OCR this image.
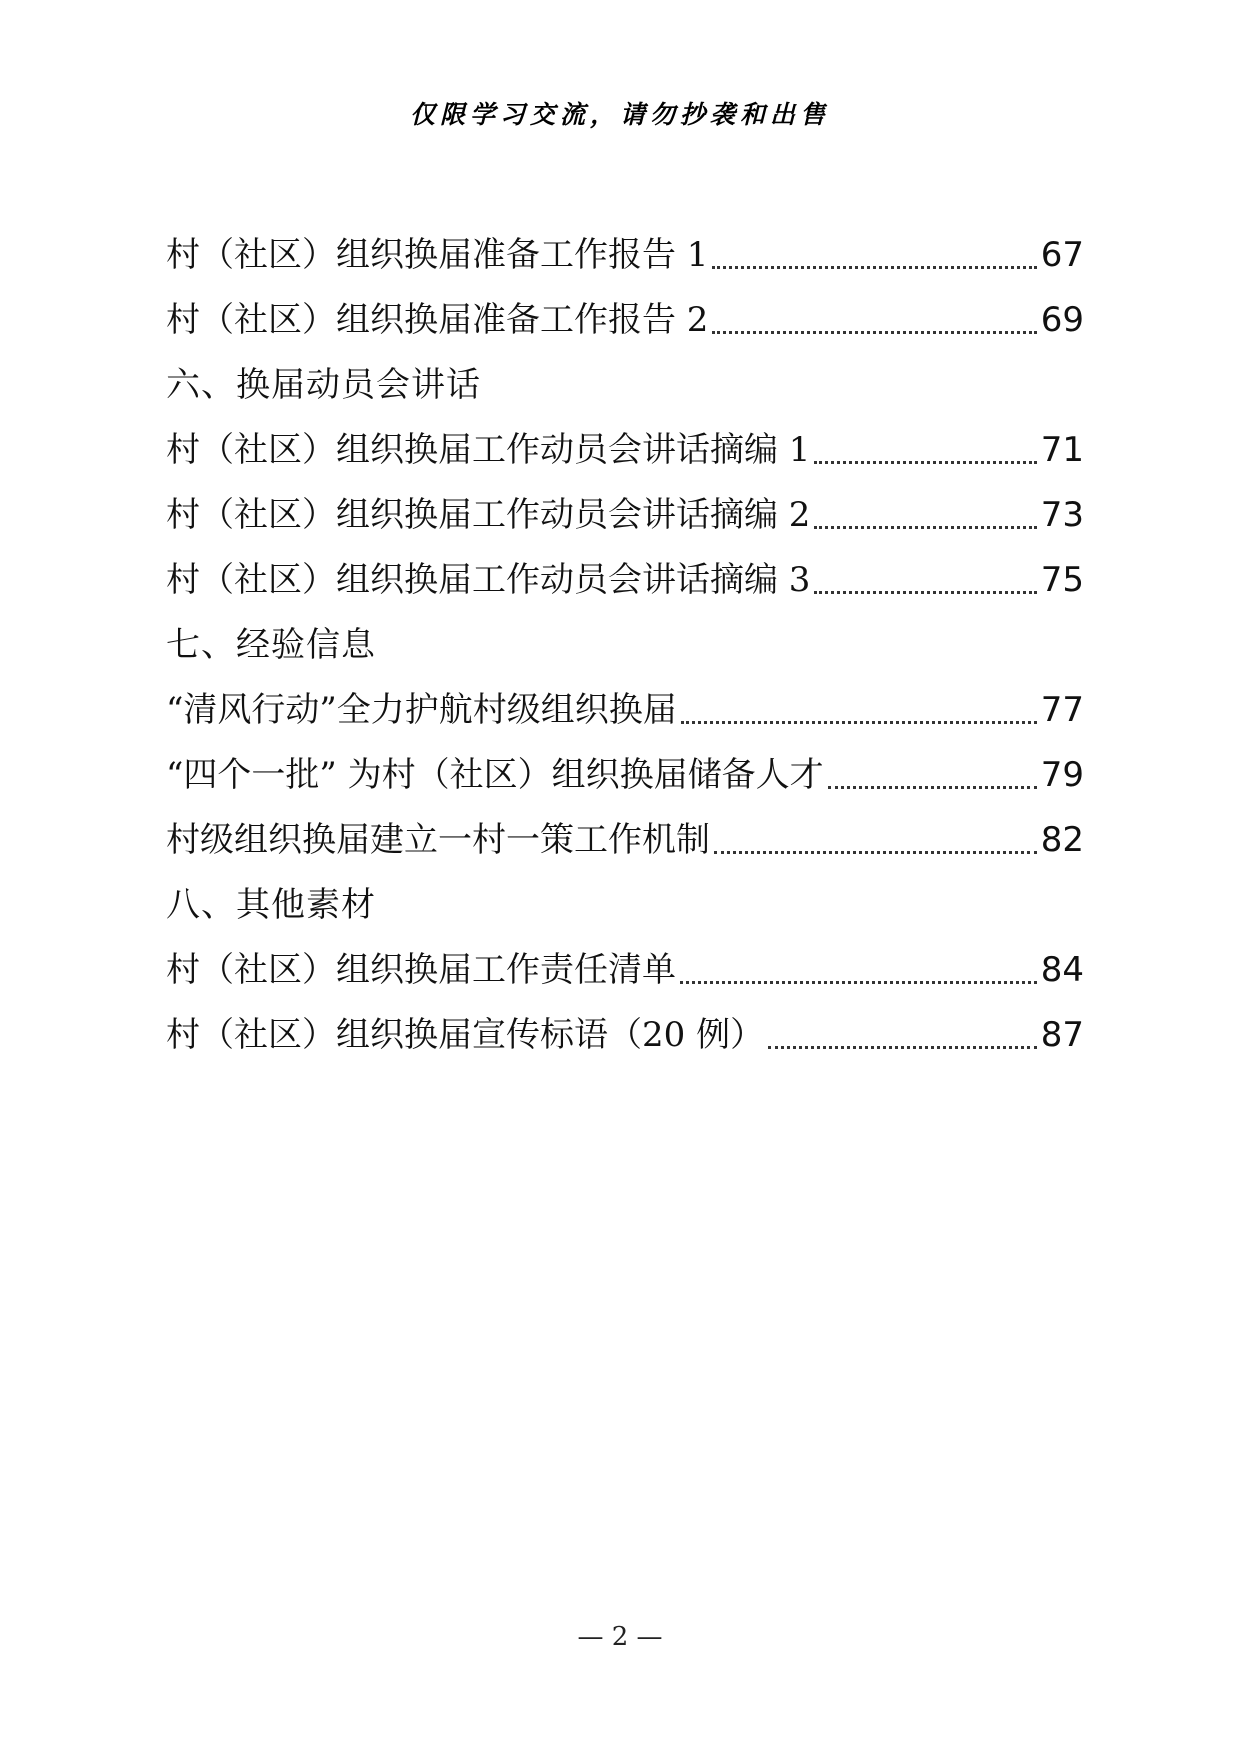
仅限学习交流，请勿抄袭和出售
村（社区）组织换届准备工作报告 1	67
村（社区）组织换届准备工作报告 2	69
六、换届动员会讲话
村（社区）组织换届工作动员会讲话摘编 1	71
村（社区）组织换届工作动员会讲话摘编 2	73
村（社区）组织换届工作动员会讲话摘编 3	75
七、经验信息
“清风行动”全力护航村级组织换届	77
“四个一批” 为村（社区）组织换届储备人才	79
村级组织换届建立一村一策工作机制	82
八、其他素材
村（社区）组织换届工作责任清单	84
村（社区）组织换届宣传标语（20 例）	87
— 2 —
